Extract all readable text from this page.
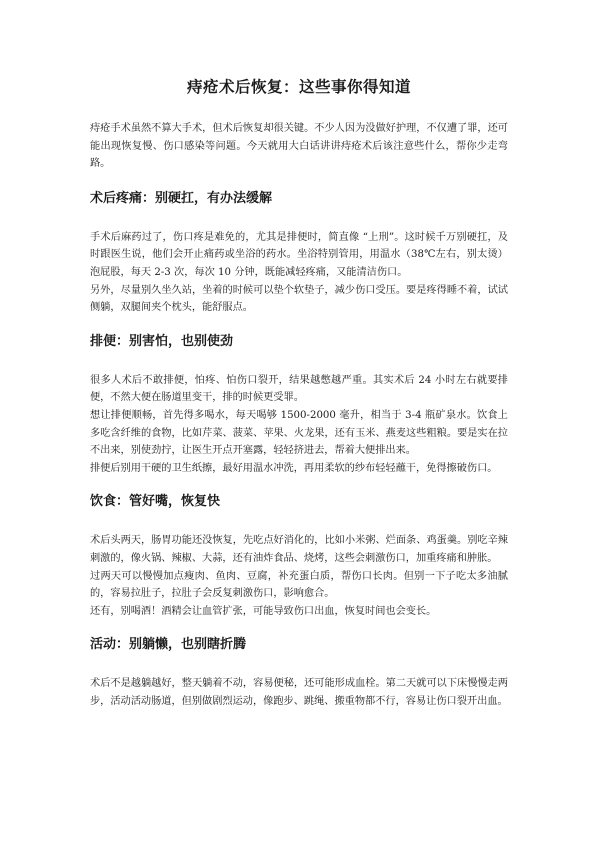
痔疮术后恢复：这些事你得知道

痔疮手术虽然不算大手术，但术后恢复却很关键。不少人因为没做好护理，不仅遭了罪，还可能出现恢复慢、伤口感染等问题。今天就用大白话讲讲痔疮术后该注意些什么，帮你少走弯路。

术后疼痛：别硬扛，有办法缓解

手术后麻药过了，伤口疼是难免的，尤其是排便时，简直像 “上刑”。这时候千万别硬扛，及时跟医生说，他们会开止痛药或坐浴的药水。坐浴特别管用，用温水（38℃左右，别太烫）泡屁股，每天 2-3 次，每次 10 分钟，既能减轻疼痛，又能清洁伤口。

另外，尽量别久坐久站，坐着的时候可以垫个软垫子，减少伤口受压。要是疼得睡不着，试试侧躺，双腿间夹个枕头，能舒服点。

排便：别害怕，也别使劲

很多人术后不敢排便，怕疼、怕伤口裂开，结果越憋越严重。其实术后 24 小时左右就要排便，不然大便在肠道里变干，排的时候更受罪。

想让排便顺畅，首先得多喝水，每天喝够 1500-2000 毫升，相当于 3-4 瓶矿泉水。饮食上多吃含纤维的食物，比如芹菜、菠菜、苹果、火龙果，还有玉米、燕麦这些粗粮。要是实在拉不出来，别使劲拧，让医生开点开塞露，轻轻挤进去，帮着大便排出来。

排便后别用干硬的卫生纸擦，最好用温水冲洗，再用柔软的纱布轻轻蘸干，免得擦破伤口。

饮食：管好嘴，恢复快

术后头两天，肠胃功能还没恢复，先吃点好消化的，比如小米粥、烂面条、鸡蛋羹。别吃辛辣刺激的，像火锅、辣椒、大蒜，还有油炸食品、烧烤，这些会刺激伤口，加重疼痛和肿胀。

过两天可以慢慢加点瘦肉、鱼肉、豆腐，补充蛋白质，帮伤口长肉。但别一下子吃太多油腻的，容易拉肚子，拉肚子会反复刺激伤口，影响愈合。

还有，别喝酒！酒精会让血管扩张，可能导致伤口出血，恢复时间也会变长。

活动：别躺懒，也别瞎折腾

术后不是越躺越好，整天躺着不动，容易便秘，还可能形成血栓。第二天就可以下床慢慢走两步，活动活动肠道，但别做剧烈运动，像跑步、跳绳、搬重物都不行，容易让伤口裂开出血。
